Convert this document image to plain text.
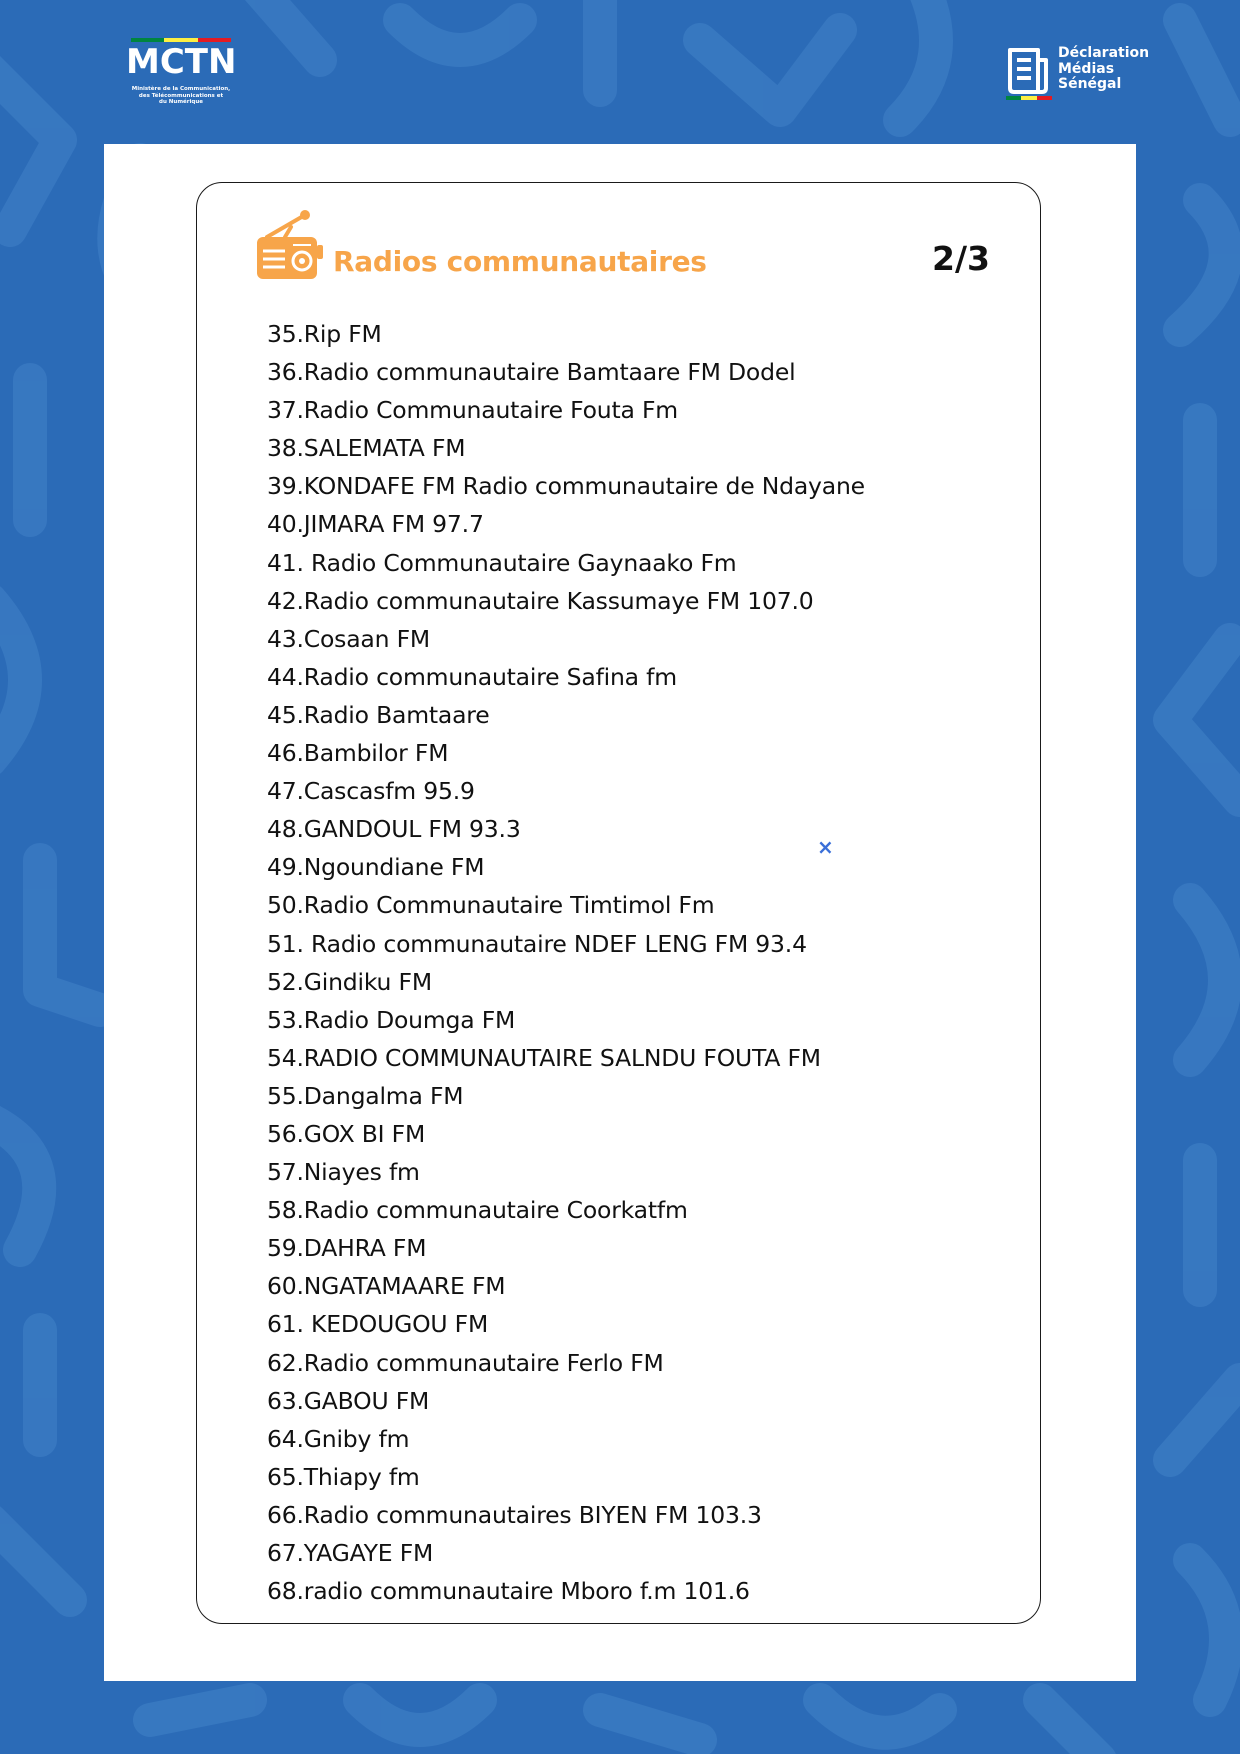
MCTN
Ministère de la Communication,
des Télécommunications et
du Numérique
Déclaration
Médias
Sénégal
Radios communautaires	2/3
35.Rip FM
36.Radio communautaire Bamtaare FM Dodel
37.Radio Communautaire Fouta Fm
38.SALEMATA FM
39.KONDAFE FM Radio communautaire de Ndayane
40.JIMARA FM 97.7
41. Radio Communautaire Gaynaako Fm
42.Radio communautaire Kassumaye FM 107.0
43.Cosaan FM
44.Radio communautaire Safina fm
45.Radio Bamtaare
46.Bambilor FM
47.Cascasfm 95.9
48.GANDOUL FM 93.3
49.Ngoundiane FM
50.Radio Communautaire Timtimol Fm
51. Radio communautaire NDEF LENG FM 93.4
52.Gindiku FM
53.Radio Doumga FM
54.RADIO COMMUNAUTAIRE SALNDU FOUTA FM
55.Dangalma FM
56.GOX BI FM
57.Niayes fm
58.Radio communautaire Coorkatfm
59.DAHRA FM
60.NGATAMAARE FM
61. KEDOUGOU FM
62.Radio communautaire Ferlo FM
63.GABOU FM
64.Gniby fm
65.Thiapy fm
66.Radio communautaires BIYEN FM 103.3
67.YAGAYE FM
68.radio communautaire Mboro f.m 101.6
×
